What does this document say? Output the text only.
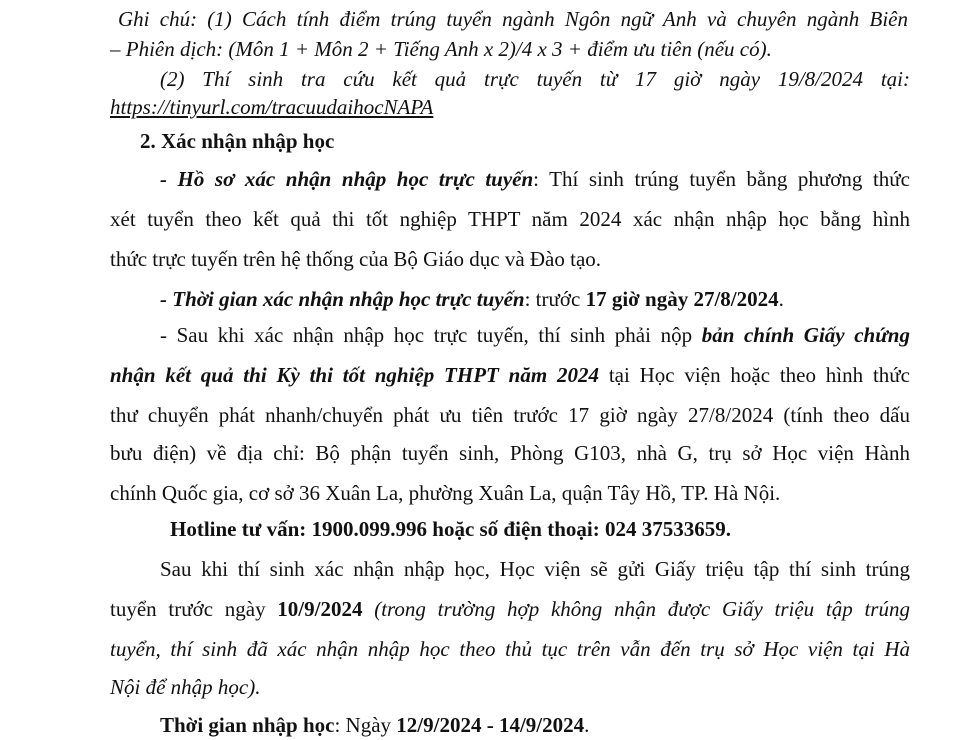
Ghi chú: (1) Cách tính điểm trúng tuyển ngành Ngôn ngữ Anh và chuyên ngành Biên
– Phiên dịch: (Môn 1 + Môn 2 + Tiếng Anh x 2)/4 x 3 + điểm ưu tiên (nếu có).
(2) Thí sinh tra cứu kết quả trực tuyến từ 17 giờ ngày 19/8/2024 tại:
https://tinyurl.com/tracuudaihocNAPA
2. Xác nhận nhập học
- Hồ sơ xác nhận nhập học trực tuyến: Thí sinh trúng tuyển bằng phương thức
xét tuyển theo kết quả thi tốt nghiệp THPT năm 2024 xác nhận nhập học bằng hình
thức trực tuyến trên hệ thống của Bộ Giáo dục và Đào tạo.
- Thời gian xác nhận nhập học trực tuyến: trước 17 giờ ngày 27/8/2024.
- Sau khi xác nhận nhập học trực tuyến, thí sinh phải nộp bản chính Giấy chứng
nhận kết quả thi Kỳ thi tốt nghiệp THPT năm 2024 tại Học viện hoặc theo hình thức
thư chuyển phát nhanh/chuyển phát ưu tiên trước 17 giờ ngày 27/8/2024 (tính theo dấu
bưu điện) về địa chỉ: Bộ phận tuyển sinh, Phòng G103, nhà G, trụ sở Học viện Hành
chính Quốc gia, cơ sở 36 Xuân La, phường Xuân La, quận Tây Hồ, TP. Hà Nội.
Hotline tư vấn: 1900.099.996 hoặc số điện thoại: 024 37533659.
Sau khi thí sinh xác nhận nhập học, Học viện sẽ gửi Giấy triệu tập thí sinh trúng
tuyển trước ngày 10/9/2024 (trong trường hợp không nhận được Giấy triệu tập trúng
tuyển, thí sinh đã xác nhận nhập học theo thủ tục trên vẫn đến trụ sở Học viện tại Hà
Nội để nhập học).
Thời gian nhập học: Ngày 12/9/2024 - 14/9/2024.
